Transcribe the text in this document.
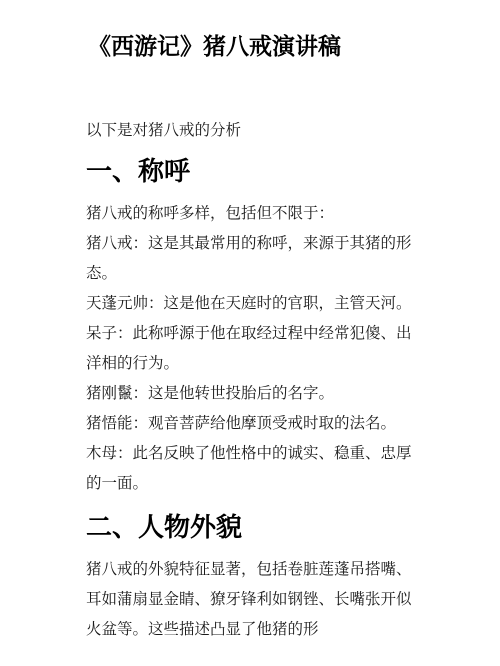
《西游记》猪八戒演讲稿

以下是对猪八戒的分析

一、称呼

猪八戒的称呼多样，包括但不限于：

猪八戒：这是其最常用的称呼，来源于其猪的形态。

天蓬元帅：这是他在天庭时的官职，主管天河。

呆子：此称呼源于他在取经过程中经常犯傻、出洋相的行为。

猪刚鬣：这是他转世投胎后的名字。

猪悟能：观音菩萨给他摩顶受戒时取的法名。

木母：此名反映了他性格中的诚实、稳重、忠厚的一面。

二、人物外貌

猪八戒的外貌特征显著，包括卷脏莲蓬吊搭嘴、耳如蒲扇显金睛、獠牙锋利如钢锉、长嘴张开似火盆等。这些描述凸显了他猪的形
